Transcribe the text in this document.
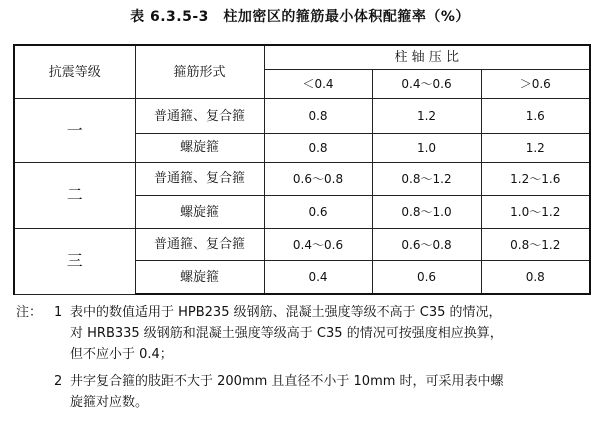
表 6.3.5-3　柱加密区的箍筋最小体积配箍率（%）
抗震等级	箍筋形式	柱 轴 压 比		
		＜0.4	0.4～0.6	＞0.6
一	普通箍、复合箍	0.8	1.2	1.6
	螺旋箍	0.8	1.0	1.2
二	普通箍、复合箍	0.6～0.8	0.8～1.2	1.2～1.6
	螺旋箍	0.6	0.8～1.0	1.0～1.2
三	普通箍、复合箍	0.4～0.6	0.6～0.8	0.8～1.2
	螺旋箍	0.4	0.6	0.8
注： 1 表中的数值适用于 HPB235 级钢筋、混凝土强度等级不高于 C35 的情况，
对 HRB335 级钢筋和混凝土强度等级高于 C35 的情况可按强度相应换算，
但不应小于 0.4；
2 井字复合箍的肢距不大于 200mm 且直径不小于 10mm 时，可采用表中螺
旋箍对应数。
